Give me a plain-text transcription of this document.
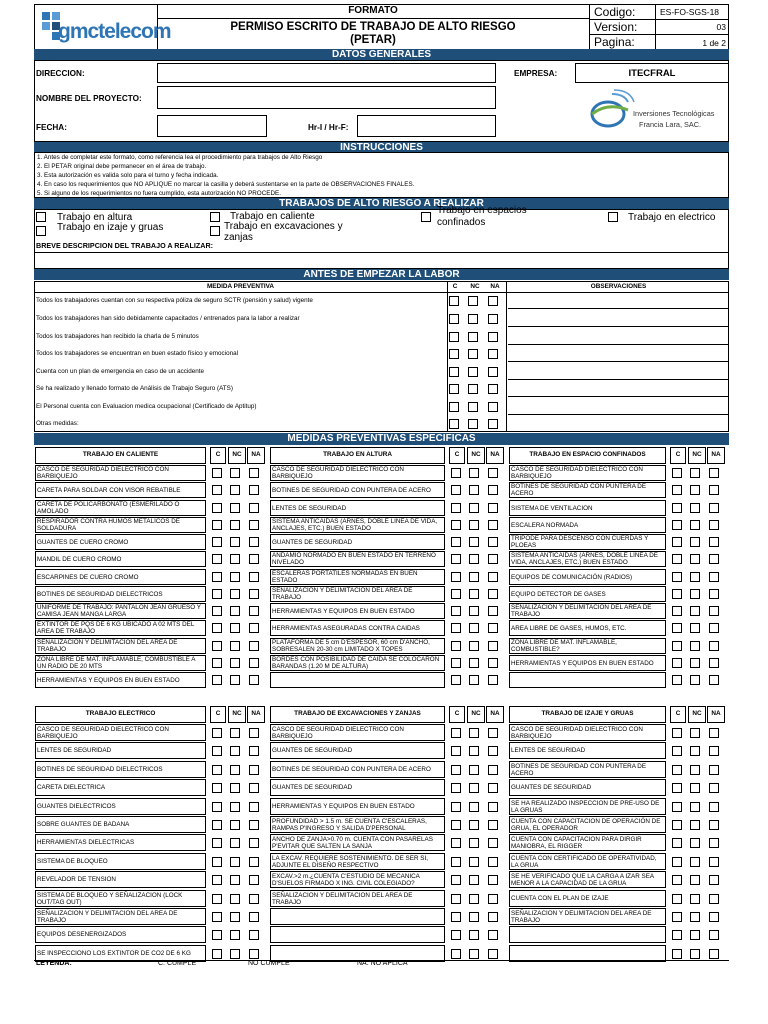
gmctelecom
FORMATO
PERMISO ESCRITO DE TRABAJO DE ALTO RIESGO
(PETAR)
Codigo:	ES-FO-SGS-18
Version:	03
Pagina:	1 de 2
DATOS GENERALES
DIRECCION:	EMPRESA:	ITECFRAL
NOMBRE DEL PROYECTO:
Inversiones Tecnológicas
Francia Lara, SAC.
FECHA:	Hr-I / Hr-F:
INSTRUCCIONES
1. Antes de completar este formato, como referencia lea el procedimiento para trabajos de Alto Riesgo
2. El PETAR original debe permanecer en el área de trabajo.
3. Esta autorización es valida solo para el turno y fecha indicada.
4. En caso los requerimientos que NO APLIQUE no marcar la casilla y deberá sustentarse en la parte de OBSERVACIONES FINALES.
5. Si alguno de los requerimientos no fuera cumplido, esta autorización NO PROCEDE.
TRABAJOS DE ALTO RIESGO A REALIZAR
Trabajo en altura
Trabajo en izaje y gruas
Trabajo en caliente
Trabajo en excavaciones y zanjas
Trabajo en espacios confinados	Trabajo en electrico
BREVE DESCRIPCION DEL TRABAJO A REALIZAR:
ANTES DE EMPEZAR LA LABOR
MEDIDA PREVENTIVA	C	NC	NA	OBSERVACIONES
Todos los trabajadores cuentan con su respectiva póliza de seguro SCTR (pensión y salud) vigente
Todos los trabajadores han sido debidamente capacitados / entrenados para la labor a realizar
Todos los trabajadores han recibido la charla de 5 minutos
Todos los trabajadores se encuentran en buen estado físico y emocional
Cuenta con un plan de emergencia en caso de un accidente
Se ha realizado y llenado formato de Análisis de Trabajo Seguro (ATS)
El Personal cuenta con Evaluacion medica ocupacional (Certificado de Aptitup)
Otras medidas:
MEDIDAS PREVENTIVAS ESPECIFICAS
TRABAJO EN CALIENTE	C	NC	NA
CASCO DE SEGURIDAD DIELECTRICO CON BARBIQUEJO
CARETA PARA SOLDAR CON VISOR REBATIBLE
CARETA DE POLICARBONATO (ESMERILADO O AMOLADO
RESPIRADOR CONTRA HUMOS METALICOS DE SOLDADURA
GUANTES DE CUERO CROMO
MANDIL DE CUERO CROMO
ESCARPINES DE CUERO CROMO
BOTINES DE SEGURIDAD DIELECTRICOS
UNIFORME DE TRABAJO: PANTALON JEAN GRUESO Y CAMISA JEAN MANGA LARGA
EXTINTOR DE PQS DE 6 KG UBICADO A 02 MTS DEL AREA DE TRABAJO
SEÑALIZACION Y DELIMITACION DEL AREA DE TRABAJO
ZONA LIBRE DE MAT. INFLAMABLE, COMBUSTIBLE A UN RADIO DE 20 MTS
HERRAMIENTAS Y EQUIPOS EN BUEN ESTADO
TRABAJO EN ALTURA	C	NC	NA
CASCO DE SEGURIDAD DIELECTRICO CON BARBIQUEJO
BOTINES DE SEGURIDAD CON PUNTERA DE ACERO
LENTES DE SEGURIDAD
SISTEMA ANTICAIDAS (ARNES, DOBLE LINEA DE VIDA, ANCLAJES, ETC.) BUEN ESTADO
GUANTES DE SEGURIDAD
ANDAMIO NORMADO EN BUEN ESTADO EN TERRENO NIVELADO
ESCALERAS PORTATILES NORMADAS EN BUEN ESTADO
SEÑALIZACION Y DELIMITACION DEL AREA DE TRABAJO
HERRAMIENTAS Y EQUIPOS EN BUEN ESTADO
HERRAMIENTAS ASEGURADAS CONTRA CAIDAS
PLATAFORMA DE 5 cm D'ESPESOR, 60 cm D'ANCHO, SOBRESALEN 20-30 cm LIMITADO X TOPES
BORDES CON POSIBILIDAD DE CAIDA SE COLOCARON BARANDAS (1.20 M DE ALTURA)
TRABAJO EN ESPACIO CONFINADOS	C	NC	NA
CASCO DE SEGURIDAD DIELECTRICO CON BARBIQUEJO
BOTINES DE SEGURIDAD CON PUNTERA DE ACERO
SISTEMA DE VENTILACION
ESCALERA NORMADA
TRIPODE PARA DESCENSO CON CUERDAS Y PLOEAS
SISTEMA ANTICAIDAS (ARNES, DOBLE LINEA DE VIDA, ANCLAJES, ETC.) BUEN ESTADO
EQUIPOS DE COMUNICACIÓN (RADIOS)
EQUIPO DETECTOR DE GASES
SEÑALIZACION Y DELIMITACION DEL AREA DE TRABAJO
AREA LIBRE DE GASES, HUMOS, ETC.
ZONA LIBRE DE MAT. INFLAMABLE, COMBUSTIBLE?
HERRAMIENTAS Y EQUIPOS EN BUEN ESTADO
TRABAJO ELECTRICO	C	NC	NA
CASCO DE SEGURIDAD DIELECTRICO CON BARBIQUEJO
LENTES DE SEGURIDAD
BOTINES DE SEGURIDAD DIELECTRICOS
CARETA DIELECTRICA
GUANTES DIELECTRICOS
SOBRE GUANTES DE BADANA
HERRAMIENTAS DIELECTRICAS
SISTEMA DE BLOQUEO
REVELADOR DE TENSION
SISTEMA DE BLOQUEO Y SEÑALIZACION (LOCK OUT/TAG OUT)
SEÑALIZACION Y DELIMITACION DEL AREA DE TRABAJO
EQUIPOS DESENERGIZADOS
SE INSPECCIONO LOS EXTINTOR DE CO2 DE 6 KG
TRABAJO DE EXCAVACIONES Y ZANJAS	C	NC	NA
CASCO DE SEGURIDAD DIELECTRICO CON BARBIQUEJO
GUANTES DE SEGURIDAD
BOTINES DE SEGURIDAD CON PUNTERA DE ACERO
GUANTES DE SEGURIDAD
HERRAMIENTAS Y EQUIPOS EN BUEN ESTADO
PROFUNDIDAD > 1.5 m. SE CUENTA C'ESCALERAS, RAMPAS P'INGRESO Y SALIDA D'PERSONAL
ANCHO DE ZANJA>0.70 m. CUENTA CON PASARELAS P'EVITAR QUE SALTEN LA SANJA
LA EXCAV. REQUIERE SOSTENIMIENTO. DE SER SI, ADJUNTE EL DISEÑO RESPECTIVO
EXCAV.>2 m.¿CUENTA C'ESTUDIO DE MECANICA D'SUELOS FIRMADO X ING. CIVIL COLEGIADO?
SEÑALIZACION Y DELIMITACION DEL AREA DE TRABAJO
TRABAJO DE IZAJE Y GRUAS	C	NC	NA
CASCO DE SEGURIDAD DIELECTRICO CON BARBIQUEJO
LENTES DE SEGURIDAD
BOTINES DE SEGURIDAD CON PUNTERA DE ACERO
GUANTES DE SEGURIDAD
SE HA REALIZADO INSPECCION DE PRE-USO DE LA GRUAS
CUENTA CON CAPACITACION DE OPERACIÓN DE GRUA, EL OPERADOR
CUENTA CON CAPACITACION PARA DIRGIR MANIOBRA, EL RIGGER
CUENTA CON CERTIFICADO DE OPERATIVIDAD, LA GRUA
SE HE VERIFICADO QUE LA CARGA A IZAR SEA MENOR A LA CAPACIDAD DE LA GRUA
CUENTA CON EL PLAN DE IZAJE
SEÑALIZACION Y DELIMITACION DEL AREA DE TRABAJO
LEYENDA:	C: CUMPLE	NO CUMPLE	NA: NO APLICA
